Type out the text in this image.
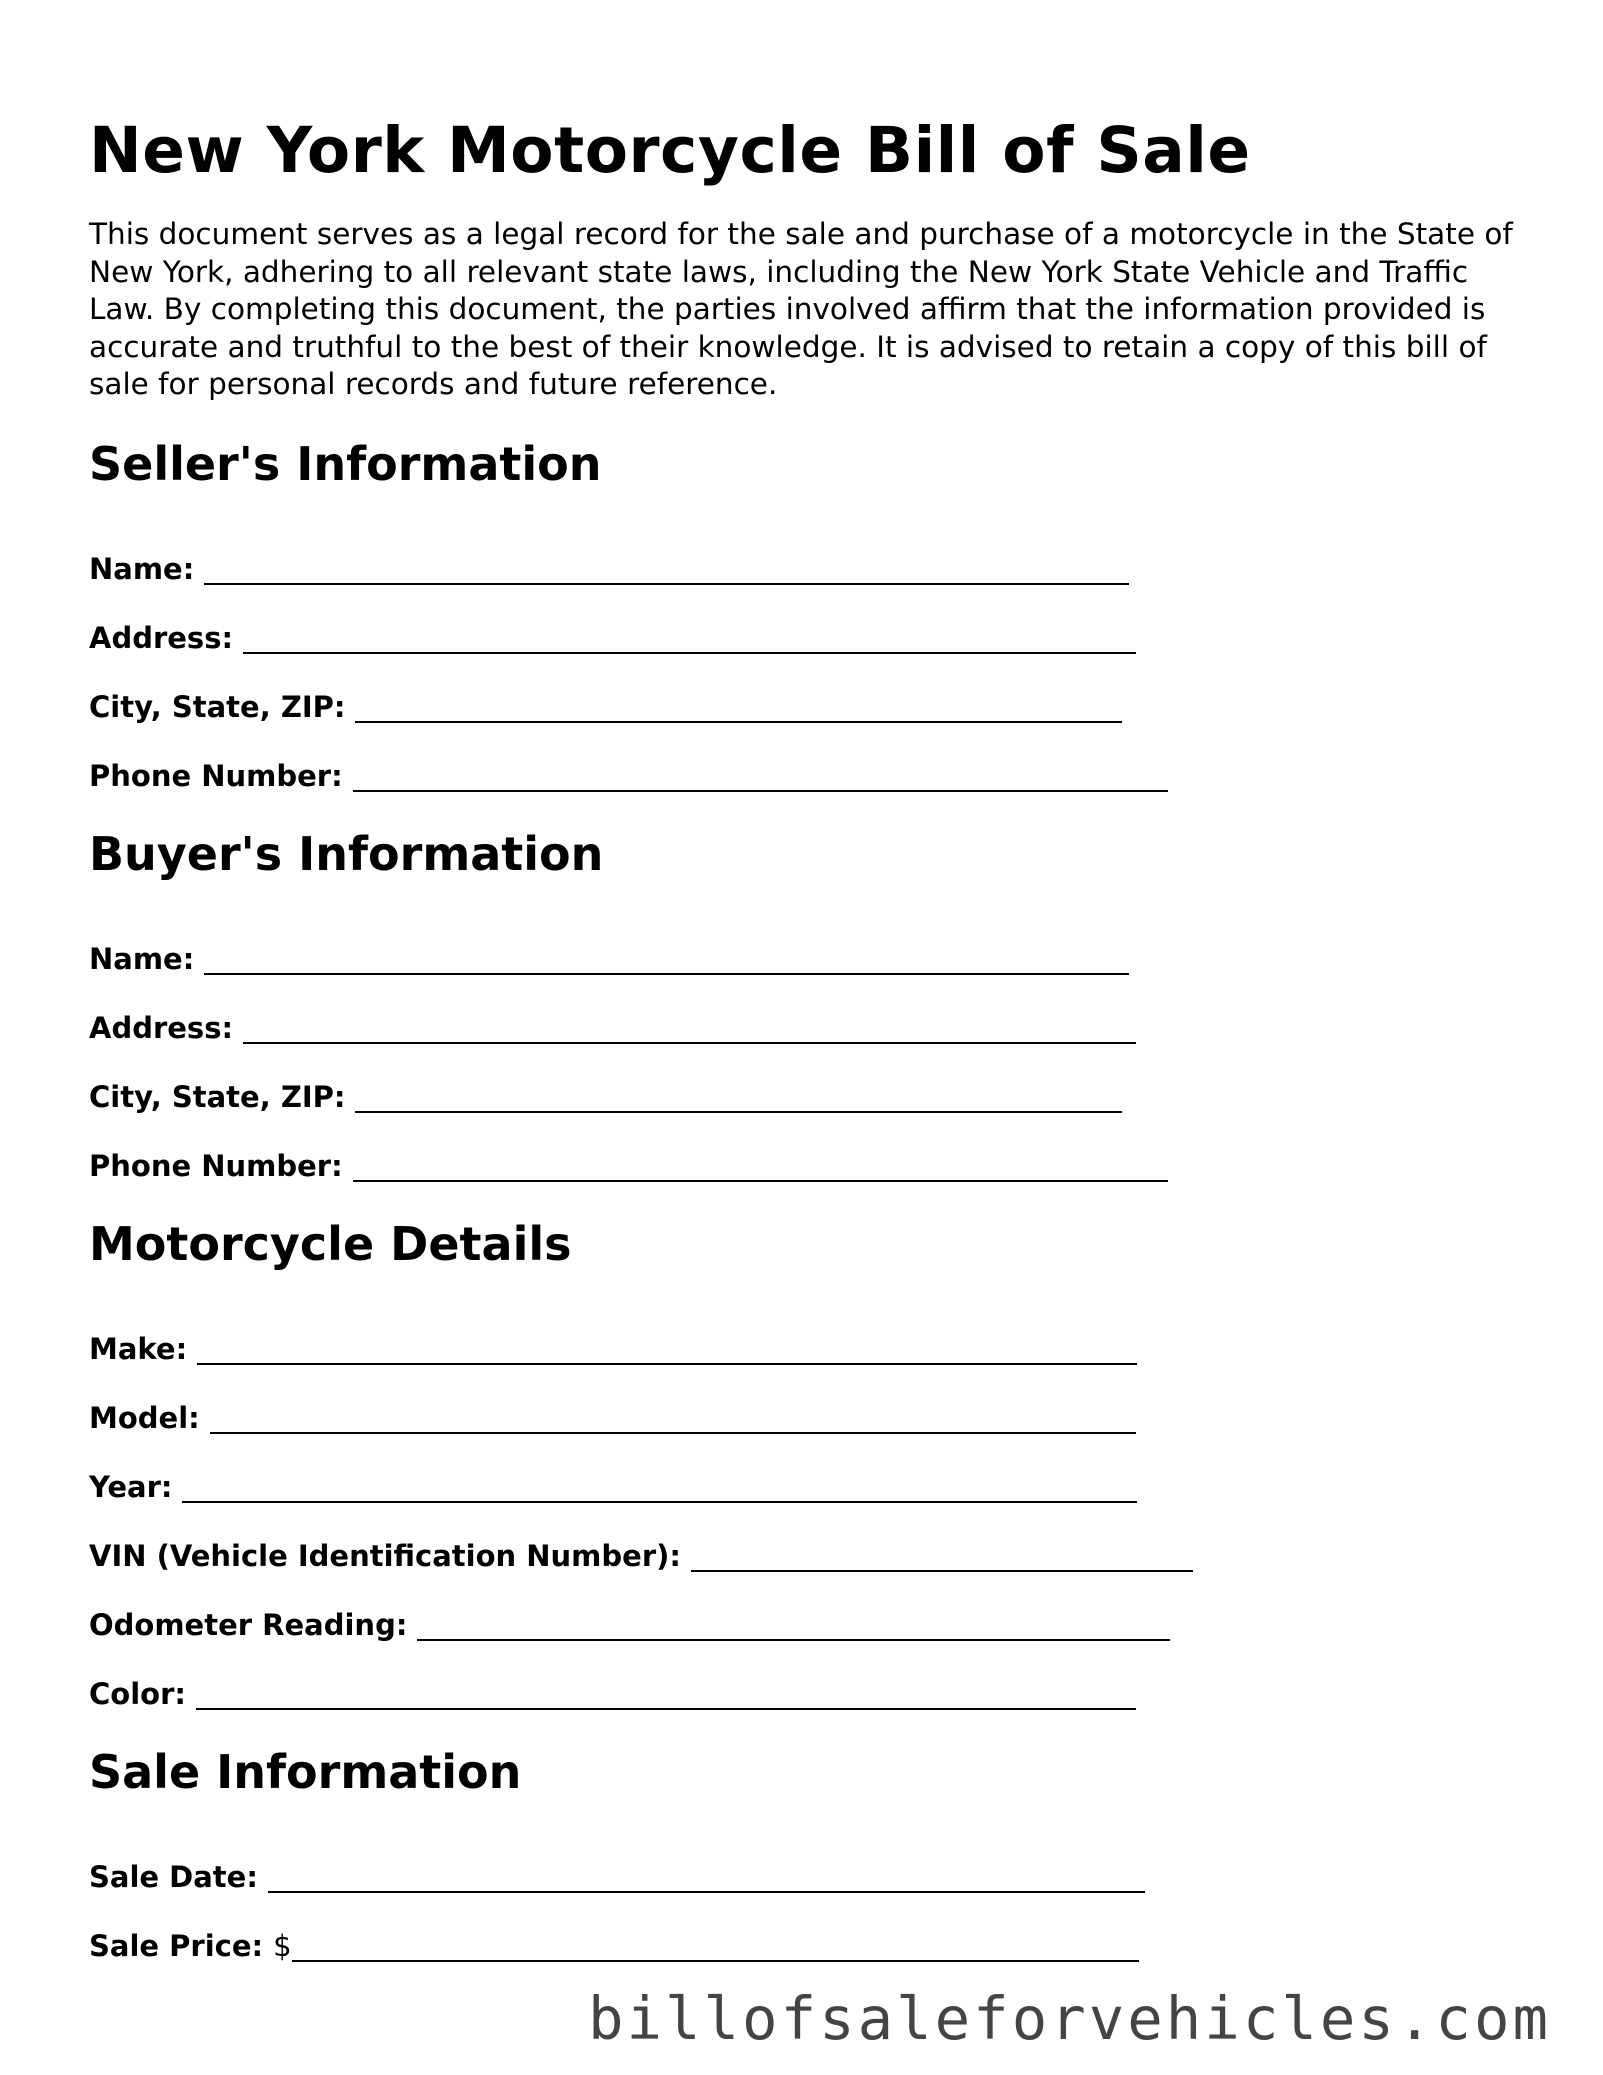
New York Motorcycle Bill of Sale

This document serves as a legal record for the sale and purchase of a motorcycle in the State of New York, adhering to all relevant state laws, including the New York State Vehicle and Traffic Law. By completing this document, the parties involved affirm that the information provided is accurate and truthful to the best of their knowledge. It is advised to retain a copy of this bill of sale for personal records and future reference.

Seller's Information
Name:
Address:
City, State, ZIP:
Phone Number:
Buyer's Information
Name:
Address:
City, State, ZIP:
Phone Number:
Motorcycle Details
Make:
Model:
Year:
VIN (Vehicle Identification Number):
Odometer Reading:
Color:
Sale Information
Sale Date:
Sale Price: $
billofsaleforvehicles.com
